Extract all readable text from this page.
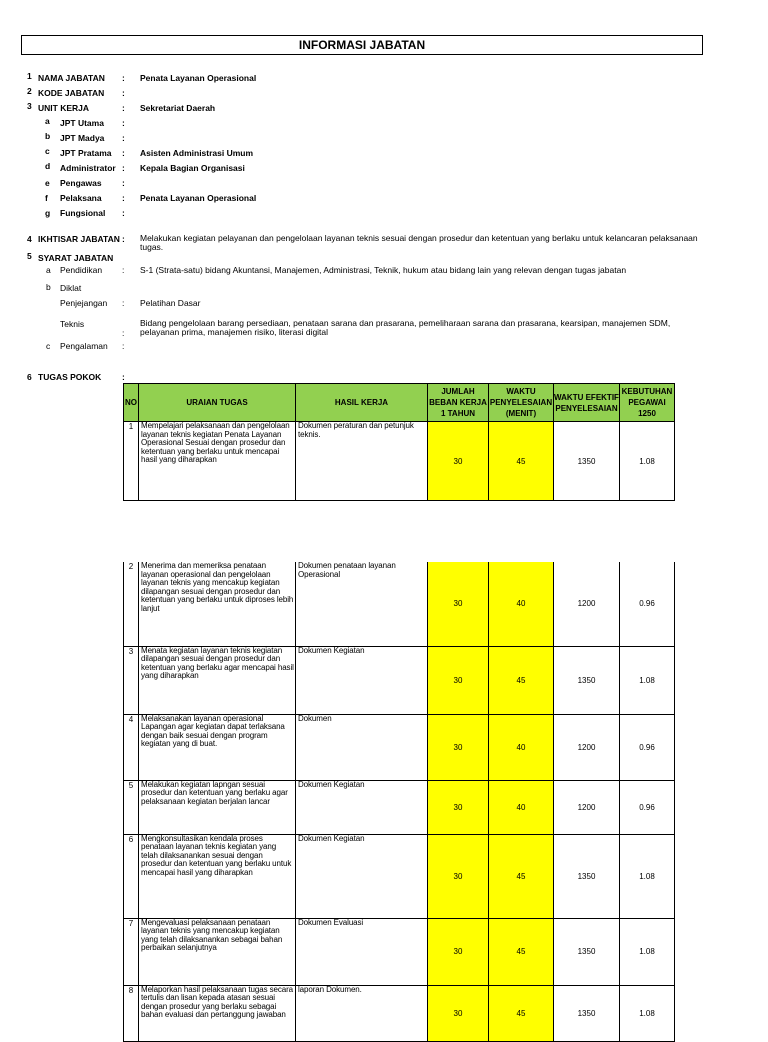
INFORMASI JABATAN
1 NAMA JABATAN : Penata Layanan Operasional
2 KODE JABATAN :
3 UNIT KERJA	: Sekretariat Daerah
a JPT Utama :
b JPT Madya :
c JPT Pratama : Asisten Administrasi Umum
d Administrator : Kepala Bagian Organisasi
e Pengawas :
f Pelaksana : Penata Layanan Operasional
g Fungsional :
4 IKHTISAR JABATAN : Melakukan kegiatan pelayanan dan pengelolaan layanan teknis sesuai dengan prosedur dan ketentuan yang berlaku untuk kelancaran pelaksanaan tugas.
5 SYARAT JABATAN
a Pendidikan : S-1 (Strata-satu) bidang Akuntansi, Manajemen, Administrasi, Teknik, hukum atau bidang lain yang relevan dengan tugas jabatan
b Diklat
Penjejangan : Pelatihan Dasar
Teknis
:
Bidang pengelolaan barang persediaan, penataan sarana dan prasarana, pemeliharaan sarana dan prasarana, kearsipan, manajemen SDM, pelayanan prima, manajemen risiko, literasi digital
c Pengalaman :
6 TUGAS POKOK :
NO	URAIAN TUGAS	HASIL KERJA	JUMLAH BEBAN KERJA 1 TAHUN	WAKTU PENYELESAIAN (MENIT)	WAKTU EFEKTIF PENYELESAIAN	KEBUTUHAN PEGAWAI 1250
1	Mempelajari pelaksanaan dan pengelolaan layanan teknis kegiatan Penata Layanan Operasional Sesuai dengan prosedur dan ketentuan yang berlaku untuk mencapai hasil yang diharapkan	Dokumen peraturan dan petunjuk teknis.	30	45	1350	1.08
2	Menerima dan memeriksa penataan layanan operasional dan pengelolaan layanan teknis yang mencakup kegiatan dilapangan sesuai dengan prosedur dan ketentuan yang berlaku untuk diproses lebih lanjut	Dokumen penataan layanan Operasional	30	40	1200	0.96
3	Menata kegiatan layanan teknis kegiatan dilapangan sesuai dengan prosedur dan ketentuan yang berlaku agar mencapai hasil yang diharapkan	Dokumen Kegiatan	30	45	1350	1.08
4	Melaksanakan layanan operasional Lapangan agar kegiatan dapat terlaksana dengan baik sesuai dengan program kegiatan yang di buat.	Dokumen	30	40	1200	0.96
5	Melakukan kegiatan lapngan sesuai prosedur dan ketentuan yang berlaku agar pelaksanaan kegiatan berjalan lancar	Dokumen Kegiatan	30	40	1200	0.96
6	Mengkonsultasikan kendala proses penataan layanan teknis kegiatan yang telah dilaksanankan sesuai dengan prosedur dan ketentuan yang berlaku untuk mencapai hasil yang diharapkan	Dokumen Kegiatan	30	45	1350	1.08
7	Mengevaluasi pelaksanaan penataan layanan teknis yang mencakup kegiatan yang telah dilaksanankan sebagai bahan perbaikan selanjutnya	Dokumen Evaluasi	30	45	1350	1.08
8	Melaporkan hasil pelaksanaan tugas secara tertulis dan lisan kepada atasan sesuai dengan prosedur yang berlaku sebagai bahan evaluasi dan pertanggung jawaban	laporan Dokumen.	30	45	1350	1.08
